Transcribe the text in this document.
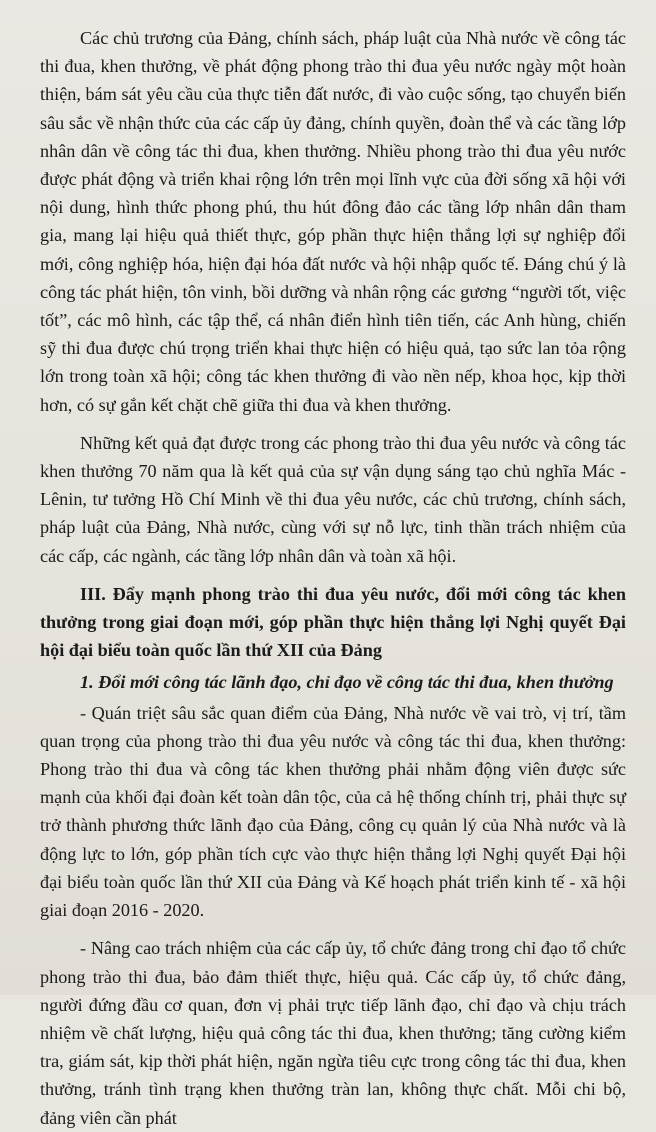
Các chủ trương của Đảng, chính sách, pháp luật của Nhà nước về công tác thi đua, khen thưởng, về phát động phong trào thi đua yêu nước ngày một hoàn thiện, bám sát yêu cầu của thực tiễn đất nước, đi vào cuộc sống, tạo chuyển biến sâu sắc về nhận thức của các cấp ủy đảng, chính quyền, đoàn thể và các tầng lớp nhân dân về công tác thi đua, khen thưởng. Nhiều phong trào thi đua yêu nước được phát động và triển khai rộng lớn trên mọi lĩnh vực của đời sống xã hội với nội dung, hình thức phong phú, thu hút đông đảo các tầng lớp nhân dân tham gia, mang lại hiệu quả thiết thực, góp phần thực hiện thắng lợi sự nghiệp đổi mới, công nghiệp hóa, hiện đại hóa đất nước và hội nhập quốc tế. Đáng chú ý là công tác phát hiện, tôn vinh, bồi dưỡng và nhân rộng các gương “người tốt, việc tốt”, các mô hình, các tập thể, cá nhân điển hình tiên tiến, các Anh hùng, chiến sỹ thi đua được chú trọng triển khai thực hiện có hiệu quả, tạo sức lan tỏa rộng lớn trong toàn xã hội; công tác khen thưởng đi vào nền nếp, khoa học, kịp thời hơn, có sự gắn kết chặt chẽ giữa thi đua và khen thưởng.

Những kết quả đạt được trong các phong trào thi đua yêu nước và công tác khen thưởng 70 năm qua là kết quả của sự vận dụng sáng tạo chủ nghĩa Mác - Lênin, tư tưởng Hồ Chí Minh về thi đua yêu nước, các chủ trương, chính sách, pháp luật của Đảng, Nhà nước, cùng với sự nỗ lực, tinh thần trách nhiệm của các cấp, các ngành, các tầng lớp nhân dân và toàn xã hội.

III. Đẩy mạnh phong trào thi đua yêu nước, đổi mới công tác khen thưởng trong giai đoạn mới, góp phần thực hiện thắng lợi Nghị quyết Đại hội đại biểu toàn quốc lần thứ XII của Đảng
1. Đổi mới công tác lãnh đạo, chỉ đạo về công tác thi đua, khen thưởng

- Quán triệt sâu sắc quan điểm của Đảng, Nhà nước về vai trò, vị trí, tầm quan trọng của phong trào thi đua yêu nước và công tác thi đua, khen thưởng: Phong trào thi đua và công tác khen thưởng phải nhằm động viên được sức mạnh của khối đại đoàn kết toàn dân tộc, của cả hệ thống chính trị, phải thực sự trở thành phương thức lãnh đạo của Đảng, công cụ quản lý của Nhà nước và là động lực to lớn, góp phần tích cực vào thực hiện thắng lợi Nghị quyết Đại hội đại biểu toàn quốc lần thứ XII của Đảng và Kế hoạch phát triển kinh tế - xã hội giai đoạn 2016 - 2020.

- Nâng cao trách nhiệm của các cấp ủy, tổ chức đảng trong chỉ đạo tổ chức phong trào thi đua, bảo đảm thiết thực, hiệu quả. Các cấp ủy, tổ chức đảng, người đứng đầu cơ quan, đơn vị phải trực tiếp lãnh đạo, chỉ đạo và chịu trách nhiệm về chất lượng, hiệu quả công tác thi đua, khen thưởng; tăng cường kiểm tra, giám sát, kịp thời phát hiện, ngăn ngừa tiêu cực trong công tác thi đua, khen thưởng, tránh tình trạng khen thưởng tràn lan, không thực chất. Mỗi chi bộ, đảng viên cần phát
